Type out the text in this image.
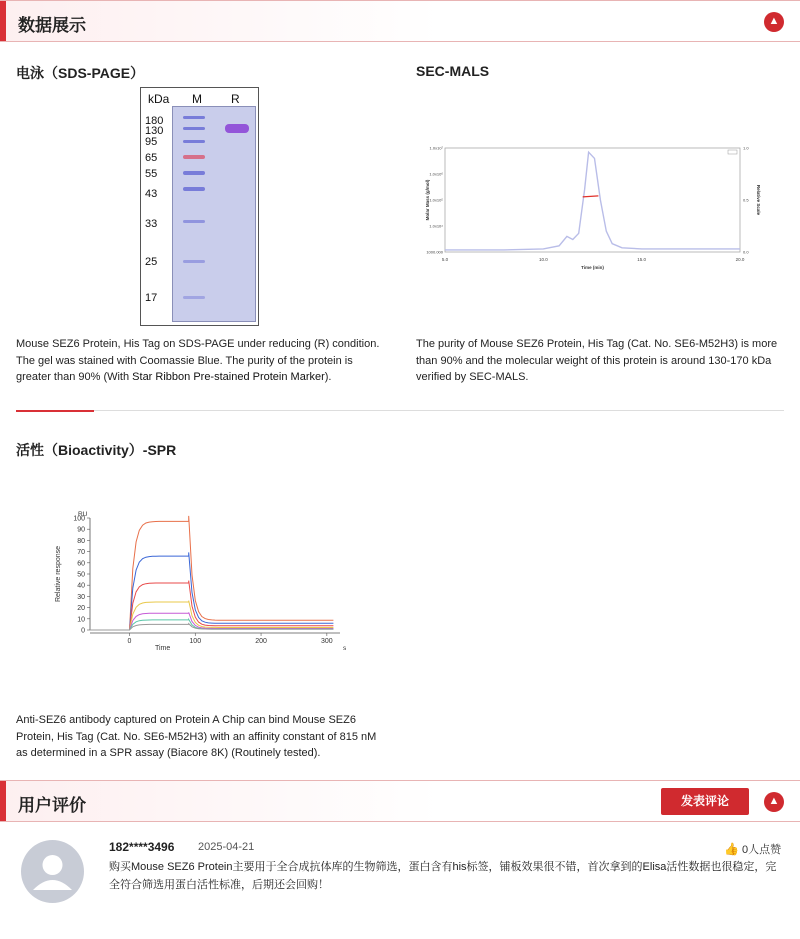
数据展示	▲
电泳（SDS-PAGE）
kDa M R
180
130
95
65
55
43
33
25
17
Mouse SEZ6 Protein, His Tag on SDS-PAGE under reducing (R) condition. The gel was stained with Coomassie Blue. The purity of the protein is greater than 90% (With Star Ribbon Pre-stained Protein Marker).
SEC-MALS
5.0	10.0	15.0	20.0
1000.000
1.0x10⁴
1.0x10⁵
1.0x10⁶
1.0x10⁷
0.0
0.5
1.0
Time (min)
Molar Mass (g/mol)	Relative Scale
The purity of Mouse SEZ6 Protein, His Tag (Cat. No. SE6-M52H3) is more than 90% and the molecular weight of this protein is around 130-170 kDa verified by SEC-MALS.
活性（Bioactivity）-SPR
0
10
20
30
40
50
60
70
80
90
100
0	100	200	300
RU
s
Time
Relative response
Anti-SEZ6 antibody captured on Protein A Chip can bind Mouse SEZ6 Protein, His Tag (Cat. No. SE6-M52H3) with an affinity constant of 815 nM as determined in a SPR assay (Biacore 8K) (Routinely tested).
用户评价	▲
发表评论
182****3496 2025-04-21	👍 0人点赞
购买Mouse SEZ6 Protein主要用于全合成抗体库的生物筛选，蛋白含有his标签，铺板效果很不错，首次拿到的Elisa活性数据也很稳定，完全符合筛选用蛋白活性标准，后期还会回购！
